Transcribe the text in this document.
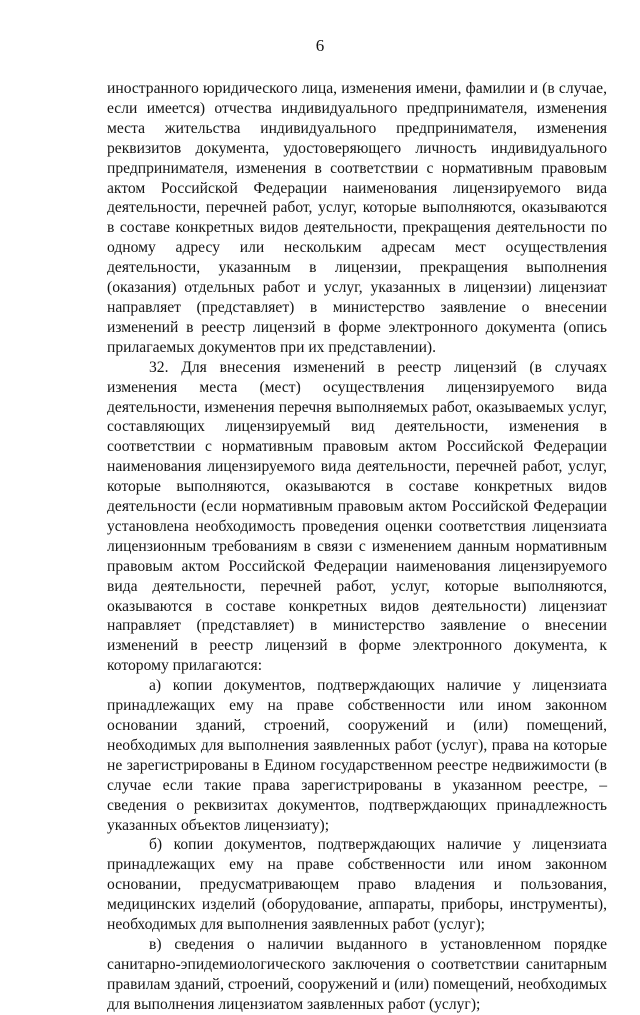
6

иностранного юридического лица, изменения имени, фамилии и (в случае, если имеется) отчества индивидуального предпринимателя, изменения места жительства индивидуального предпринимателя, изменения реквизитов документа, удостоверяющего личность индивидуального предпринимателя, изменения в соответствии с нормативным правовым актом Российской Федерации наименования лицензируемого вида деятельности, перечней работ, услуг, которые выполняются, оказываются в составе конкретных видов деятельности, прекращения деятельности по одному адресу или нескольким адресам мест осуществления деятельности, указанным в лицензии, прекращения выполнения (оказания) отдельных работ и услуг, указанных в лицензии) лицензиат направляет (представляет) в министерство заявление о внесении изменений в реестр лицензий в форме электронного документа (опись прилагаемых документов при их представлении).

32. Для внесения изменений в реестр лицензий (в случаях изменения места (мест) осуществления лицензируемого вида деятельности, изменения перечня выполняемых работ, оказываемых услуг, составляющих лицензируемый вид деятельности, изменения в соответствии с нормативным правовым актом Российской Федерации наименования лицензируемого вида деятельности, перечней работ, услуг, которые выполняются, оказываются в составе конкретных видов деятельности (если нормативным правовым актом Российской Федерации установлена необходимость проведения оценки соответствия лицензиата лицензионным требованиям в связи с изменением данным нормативным правовым актом Российской Федерации наименования лицензируемого вида деятельности, перечней работ, услуг, которые выполняются, оказываются в составе конкретных видов деятельности) лицензиат направляет (представляет) в министерство заявление о внесении изменений в реестр лицензий в форме электронного документа, к которому прилагаются:

а) копии документов, подтверждающих наличие у лицензиата принадлежащих ему на праве собственности или ином законном основании зданий, строений, сооружений и (или) помещений, необходимых для выполнения заявленных работ (услуг), права на которые не зарегистрированы в Едином государственном реестре недвижимости (в случае если такие права зарегистрированы в указанном реестре, – сведения о реквизитах документов, подтверждающих принадлежность указанных объектов лицензиату);

б) копии документов, подтверждающих наличие у лицензиата принадлежащих ему на праве собственности или ином законном основании, предусматривающем право владения и пользования, медицинских изделий (оборудование, аппараты, приборы, инструменты), необходимых для выполнения заявленных работ (услуг);

в) сведения о наличии выданного в установленном порядке санитарно-эпидемиологического заключения о соответствии санитарным правилам зданий, строений, сооружений и (или) помещений, необходимых для выполнения лицензиатом заявленных работ (услуг);
